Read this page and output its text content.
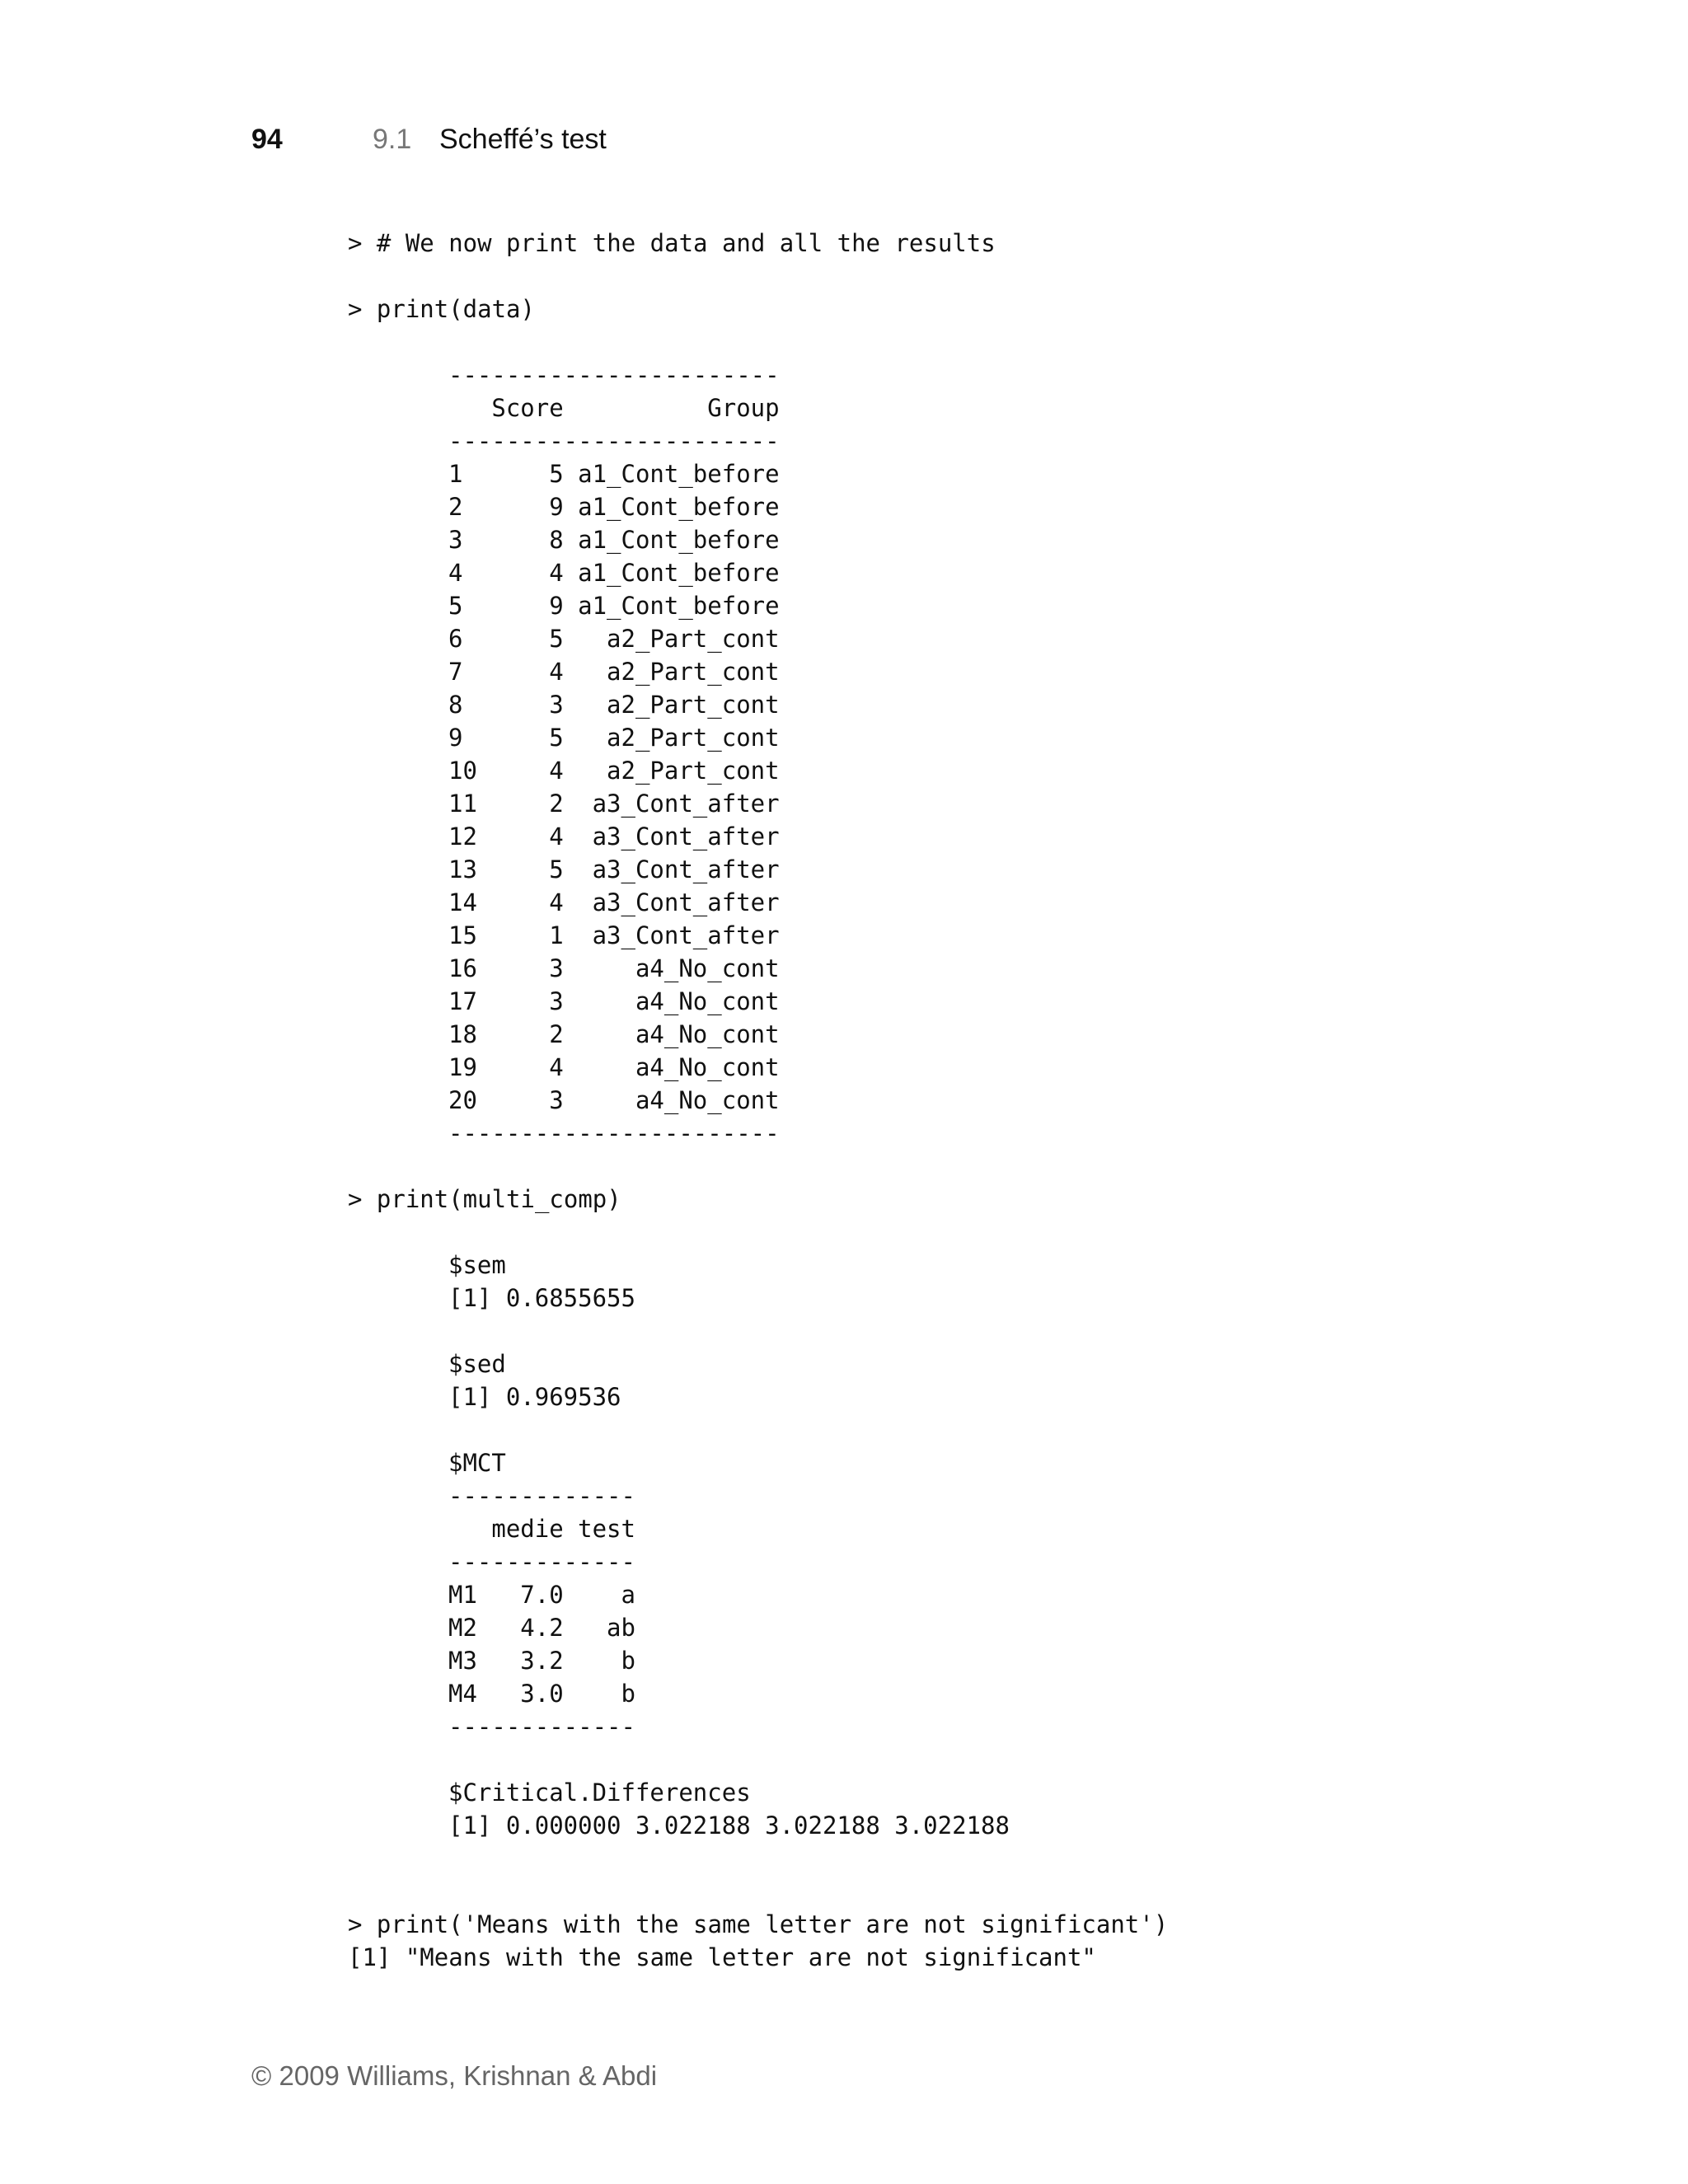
94	9.1 Scheffé’s test
> # We now print the data and all the results
> print(data)
-----------------------
Score          Group
-----------------------
1      5 a1_Cont_before
2      9 a1_Cont_before
3      8 a1_Cont_before
4      4 a1_Cont_before
5      9 a1_Cont_before
6      5   a2_Part_cont
7      4   a2_Part_cont
8      3   a2_Part_cont
9      5   a2_Part_cont
10     4   a2_Part_cont
11     2  a3_Cont_after
12     4  a3_Cont_after
13     5  a3_Cont_after
14     4  a3_Cont_after
15     1  a3_Cont_after
16     3     a4_No_cont
17     3     a4_No_cont
18     2     a4_No_cont
19     4     a4_No_cont
20     3     a4_No_cont
-----------------------
> print(multi_comp)
$sem
[1] 0.6855655

$sed
[1] 0.969536

$MCT
-------------
medie test
-------------
M1   7.0    a
M2   4.2   ab
M3   3.2    b
M4   3.0    b
-------------

$Critical.Differences
[1] 0.000000 3.022188 3.022188 3.022188
> print('Means with the same letter are not significant')
[1] "Means with the same letter are not significant"
© 2009 Williams, Krishnan & Abdi
